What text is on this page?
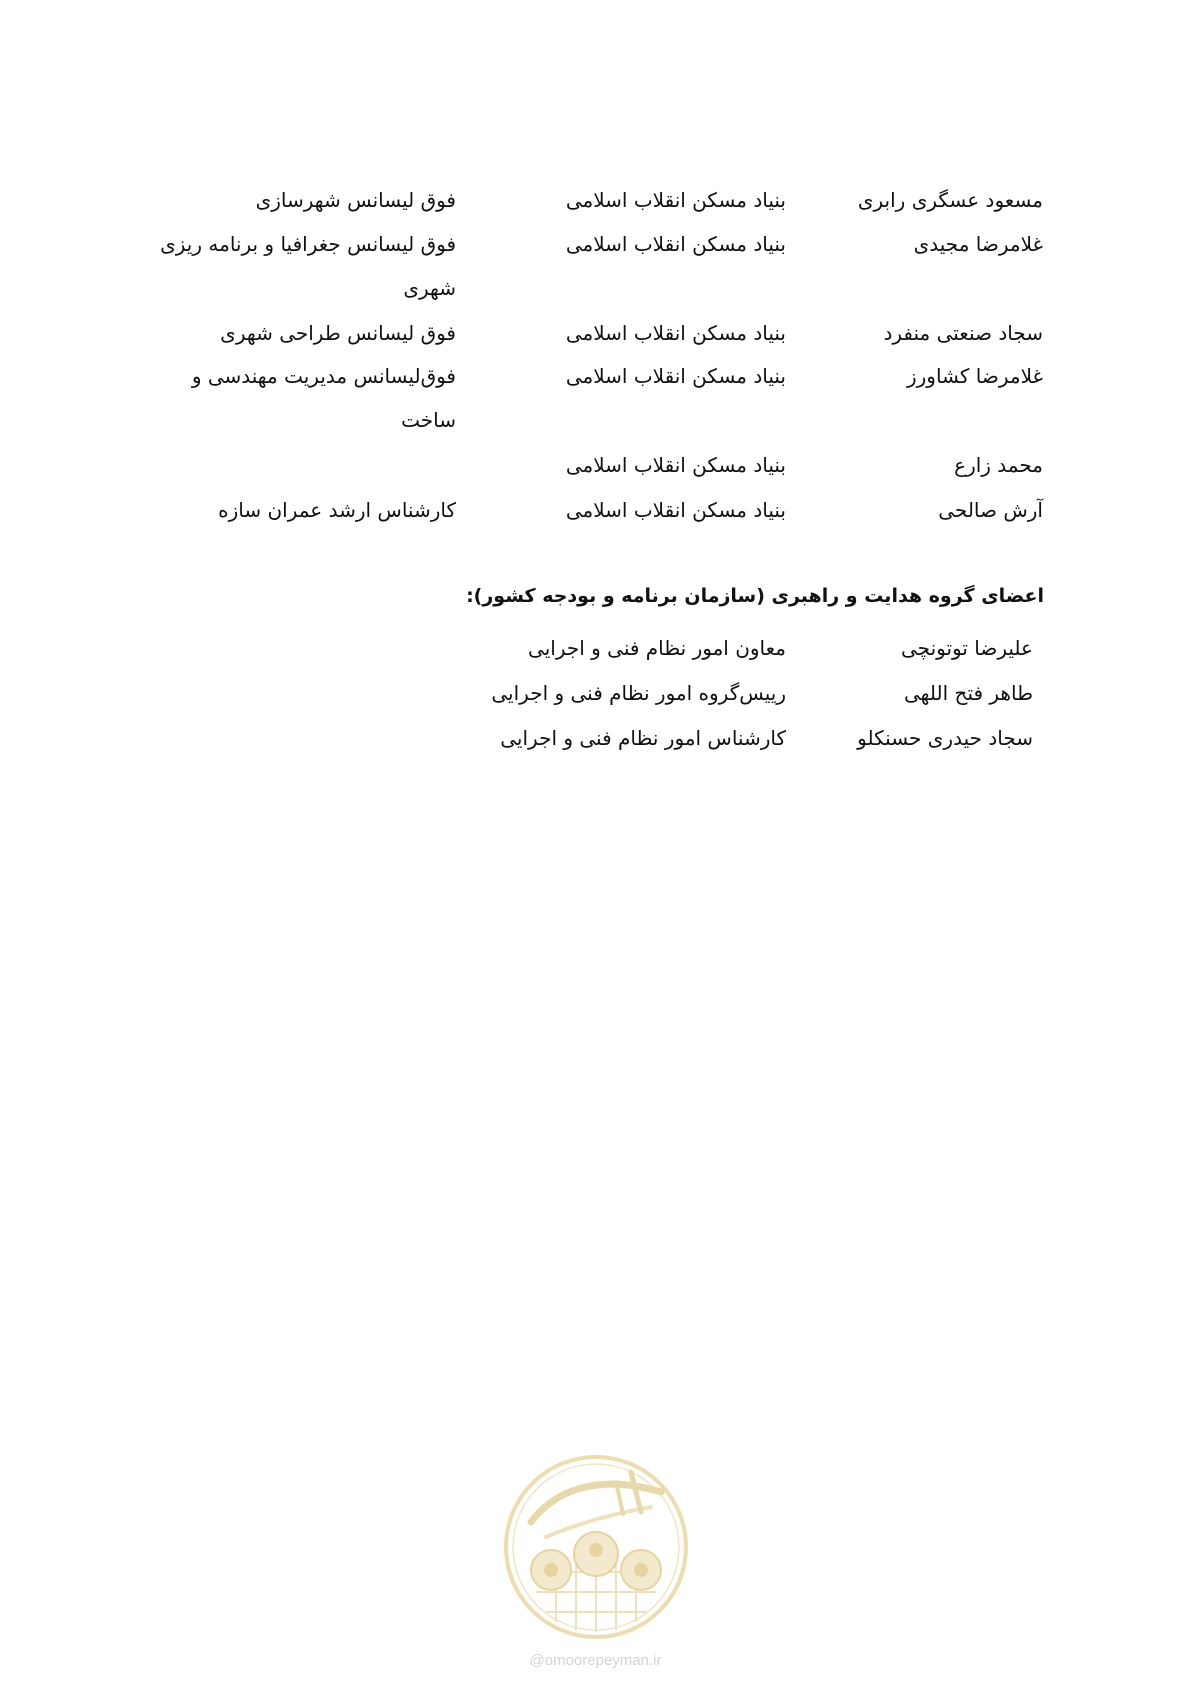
مسعود عسگری رابری
بنیاد مسکن انقلاب اسلامی
فوق لیسانس شهرسازی
غلامرضا مجیدی
بنیاد مسکن انقلاب اسلامی
فوق لیسانس جغرافیا و برنامه ریزی شهری
سجاد صنعتی منفرد
بنیاد مسکن انقلاب اسلامی
فوق لیسانس طراحی شهری
غلامرضا کشاورز
بنیاد مسکن انقلاب اسلامی
فوق‌لیسانس مدیریت مهندسی و ساخت
محمد زارع
بنیاد مسکن انقلاب اسلامی
آرش صالحی
بنیاد مسکن انقلاب اسلامی
کارشناس ارشد عمران سازه
اعضای گروه هدایت و راهبری (سازمان برنامه و بودجه کشور):
علیرضا توتونچی
معاون امور نظام فنی و اجرایی
طاهر فتح اللهی
رییس‌گروه امور نظام فنی و اجرایی
سجاد حیدری حسنکلو
کارشناس امور نظام فنی و اجرایی
@omoorepeyman.ir
